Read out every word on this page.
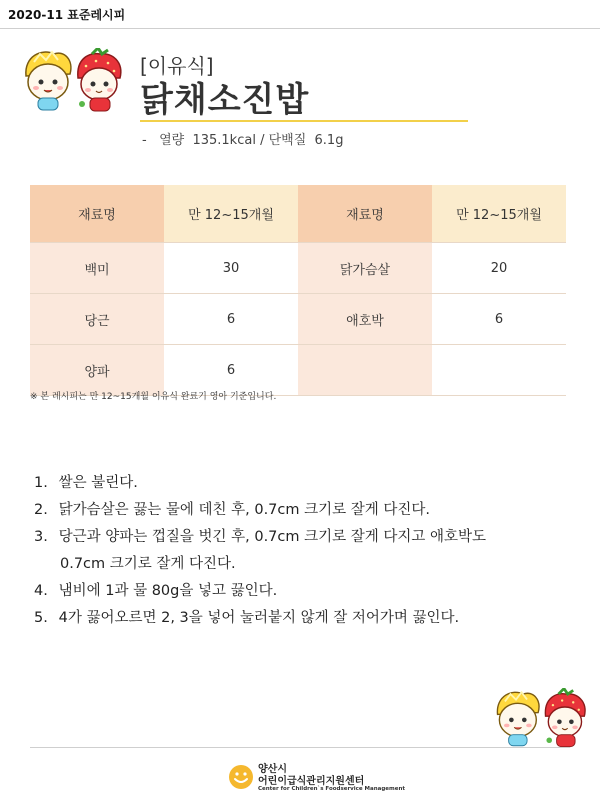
2020-11 표준레시피
[이유식]
닭채소진밥
-   열량  135.1kcal / 단백질  6.1g
재료명	만 12~15개월	재료명	만 12~15개월
백미	30	닭가슴살	20
당근	6	애호박	6
양파	6		
※ 본 레시피는 만 12~15개월 이유식 완료기 영아 기준입니다.
1. 쌀은 불린다.
2. 닭가슴살은 끓는 물에 데친 후, 0.7cm 크기로 잘게 다진다.
3. 당근과 양파는 껍질을 벗긴 후, 0.7cm 크기로 잘게 다지고 애호박도
0.7cm 크기로 잘게 다진다.
4. 냄비에 1과 물 80g을 넣고 끓인다.
5. 4가 끓어오르면 2, 3을 넣어 눌러붙지 않게 잘 저어가며 끓인다.
양산시
어린이급식관리지원센터
Center for Children`s Foodservice Management
